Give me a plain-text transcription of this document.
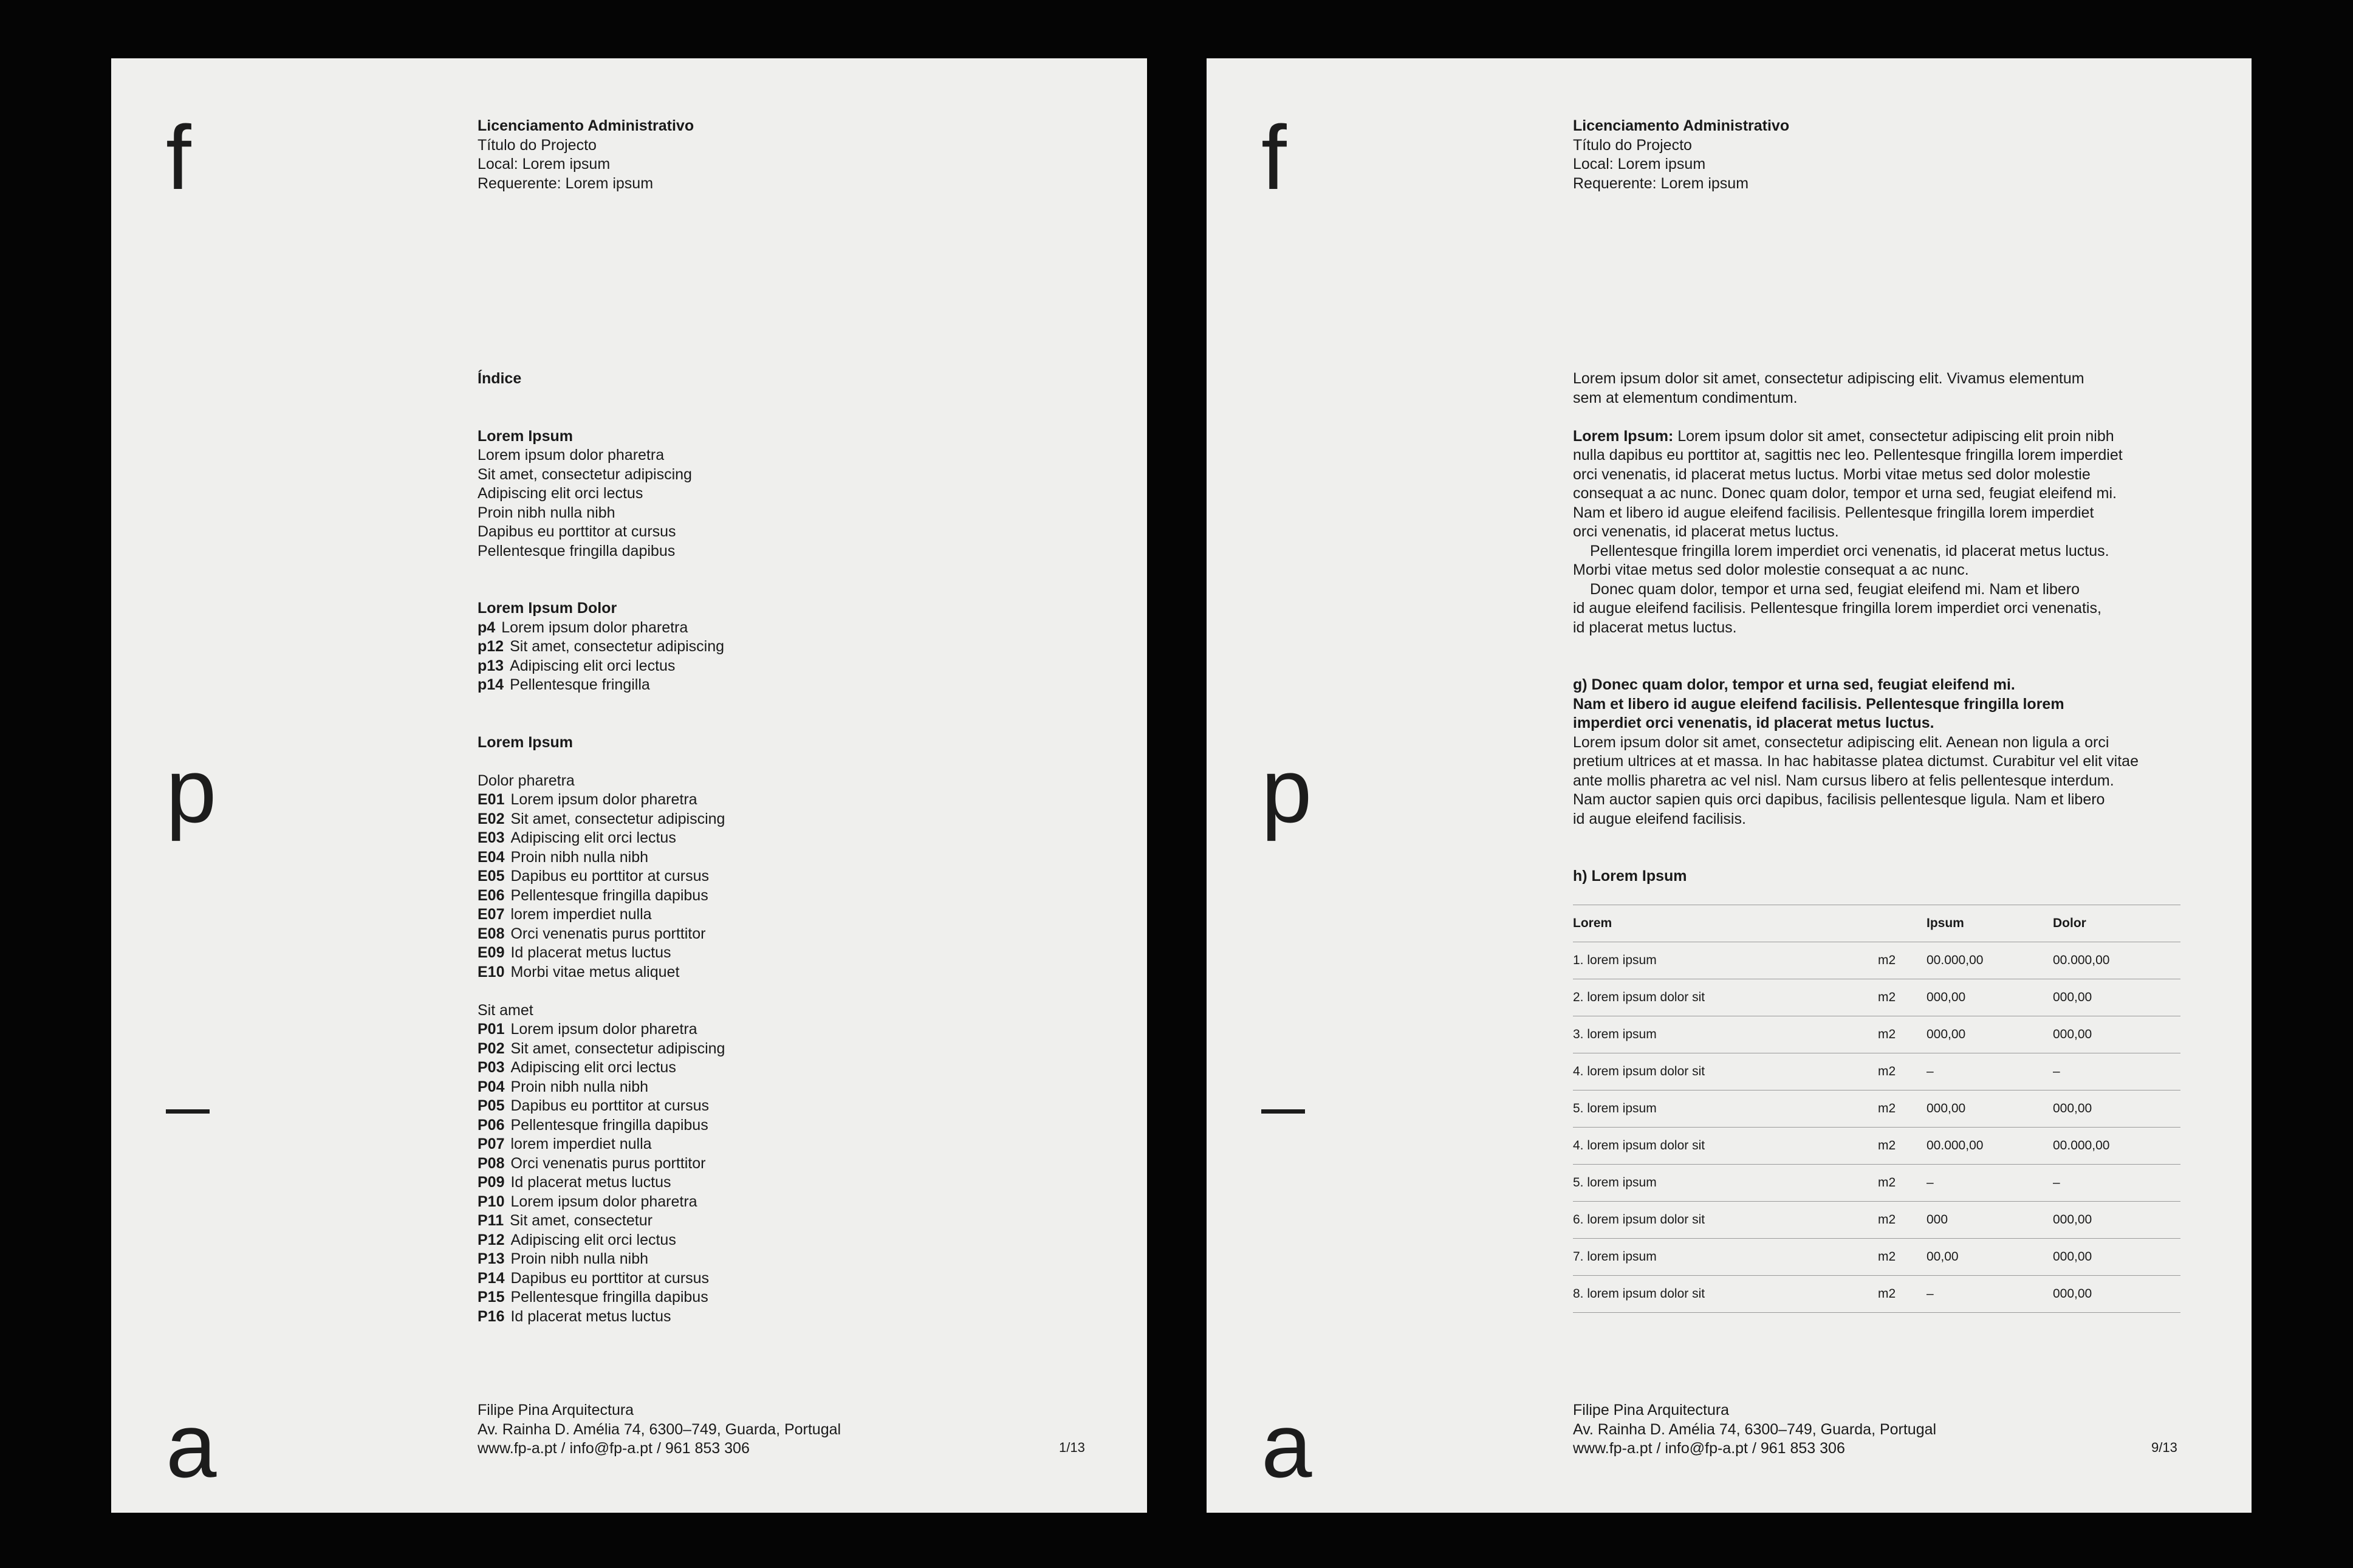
f
p
a
Licenciamento Administrativo
Título do Projecto
Local: Lorem ipsum
Requerente: Lorem ipsum
Índice
Lorem Ipsum
Lorem ipsum dolor pharetra
Sit amet, consectetur adipiscing
Adipiscing elit orci lectus
Proin nibh nulla nibh
Dapibus eu porttitor at cursus
Pellentesque fringilla dapibus
Lorem Ipsum Dolor
p4 Lorem ipsum dolor pharetra
p12 Sit amet, consectetur adipiscing
p13 Adipiscing elit orci lectus
p14 Pellentesque fringilla
Lorem Ipsum
Dolor pharetra
E01 Lorem ipsum dolor pharetra
E02 Sit amet, consectetur adipiscing
E03 Adipiscing elit orci lectus
E04 Proin nibh nulla nibh
E05 Dapibus eu porttitor at cursus
E06 Pellentesque fringilla dapibus
E07 lorem imperdiet nulla
E08 Orci venenatis purus porttitor
E09 Id placerat metus luctus
E10 Morbi vitae metus aliquet
Sit amet
P01 Lorem ipsum dolor pharetra
P02 Sit amet, consectetur adipiscing
P03 Adipiscing elit orci lectus
P04 Proin nibh nulla nibh
P05 Dapibus eu porttitor at cursus
P06 Pellentesque fringilla dapibus
P07 lorem imperdiet nulla
P08 Orci venenatis purus porttitor
P09 Id placerat metus luctus
P10 Lorem ipsum dolor pharetra
P11 Sit amet, consectetur
P12 Adipiscing elit orci lectus
P13 Proin nibh nulla nibh
P14 Dapibus eu porttitor at cursus
P15 Pellentesque fringilla dapibus
P16 Id placerat metus luctus
Filipe Pina Arquitectura
Av. Rainha D. Amélia 74, 6300–749, Guarda, Portugal
www.fp-a.pt / info@fp-a.pt / 961 853 306	1/13
f
p
a
Licenciamento Administrativo
Título do Projecto
Local: Lorem ipsum
Requerente: Lorem ipsum
Lorem ipsum dolor sit amet, consectetur adipiscing elit. Vivamus elementum
sem at elementum condimentum.
Lorem Ipsum: Lorem ipsum dolor sit amet, consectetur adipiscing elit proin nibh
nulla dapibus eu porttitor at, sagittis nec leo. Pellentesque fringilla lorem imperdiet
orci venenatis, id placerat metus luctus. Morbi vitae metus sed dolor molestie
consequat a ac nunc. Donec quam dolor, tempor et urna sed, feugiat eleifend mi.
Nam et libero id augue eleifend facilisis. Pellentesque fringilla lorem imperdiet
orci venenatis, id placerat metus luctus.
Pellentesque fringilla lorem imperdiet orci venenatis, id placerat metus luctus.
Morbi vitae metus sed dolor molestie consequat a ac nunc.
Donec quam dolor, tempor et urna sed, feugiat eleifend mi. Nam et libero
id augue eleifend facilisis. Pellentesque fringilla lorem imperdiet orci venenatis,
id placerat metus luctus.
g) Donec quam dolor, tempor et urna sed, feugiat eleifend mi.
Nam et libero id augue eleifend facilisis. Pellentesque fringilla lorem
imperdiet orci venenatis, id placerat metus luctus.
Lorem ipsum dolor sit amet, consectetur adipiscing elit. Aenean non ligula a orci
pretium ultrices at et massa. In hac habitasse platea dictumst. Curabitur vel elit vitae
ante mollis pharetra ac vel nisl. Nam cursus libero at felis pellentesque interdum.
Nam auctor sapien quis orci dapibus, facilisis pellentesque ligula. Nam et libero
id augue eleifend facilisis.
h) Lorem Ipsum
Lorem		Ipsum	Dolor
1. lorem ipsum	m2	00.000,00	00.000,00
2. lorem ipsum dolor sit	m2	000,00	000,00
3. lorem ipsum	m2	000,00	000,00
4. lorem ipsum dolor sit	m2	–	–
5. lorem ipsum	m2	000,00	000,00
4. lorem ipsum dolor sit	m2	00.000,00	00.000,00
5. lorem ipsum	m2	–	–
6. lorem ipsum dolor sit	m2	000	000,00
7. lorem ipsum	m2	00,00	000,00
8. lorem ipsum dolor sit	m2	–	000,00
Filipe Pina Arquitectura
Av. Rainha D. Amélia 74, 6300–749, Guarda, Portugal
www.fp-a.pt / info@fp-a.pt / 961 853 306	9/13
